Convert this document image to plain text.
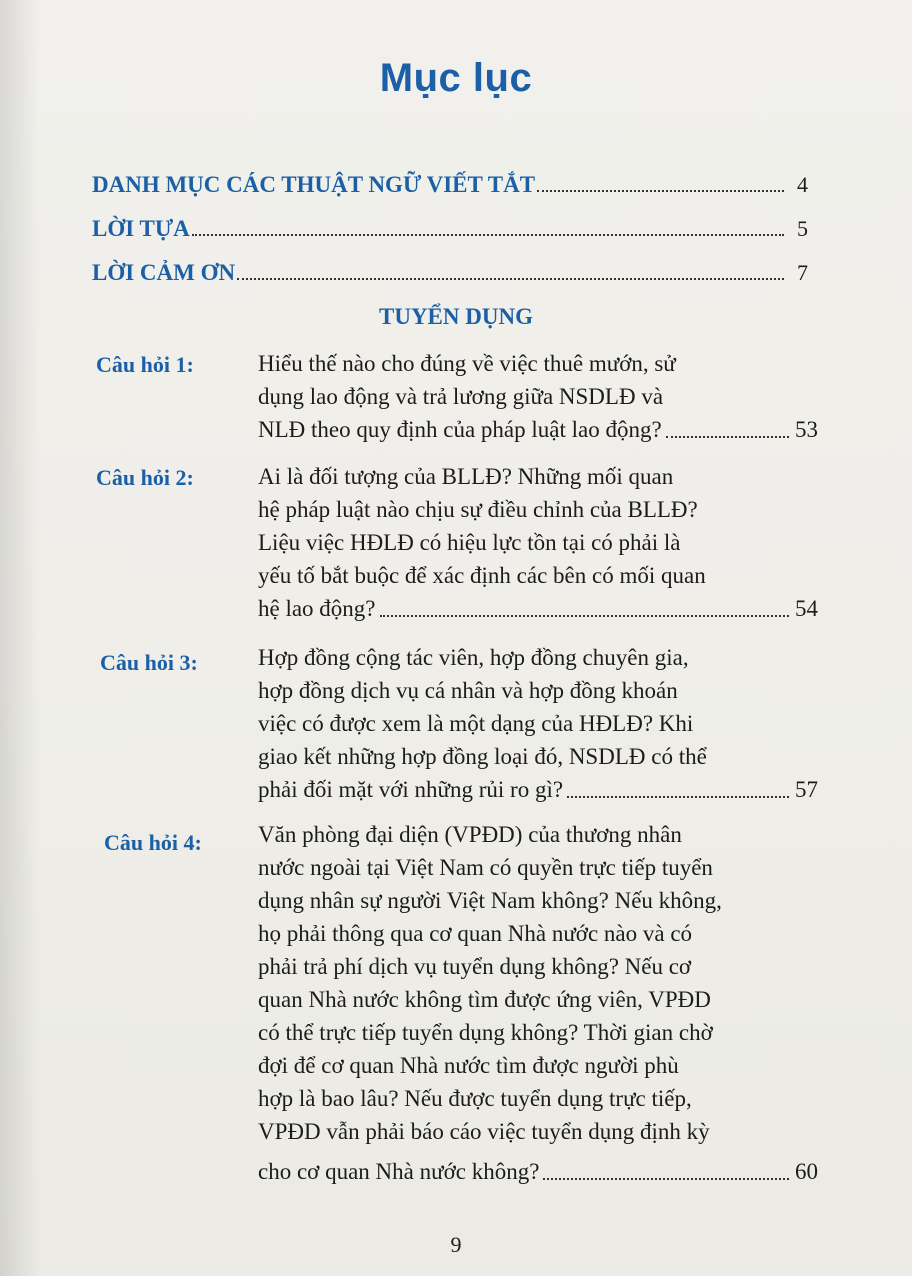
Mục lục
DANH MỤC CÁC THUẬT NGỮ VIẾT TẮT	4
LỜI TỰA	5
LỜI CẢM ƠN	7
TUYỂN DỤNG
Câu hỏi 1:	Hiểu thế nào cho đúng về việc thuê mướn, sử
dụng lao động và trả lương giữa NSDLĐ và
NLĐ theo quy định của pháp luật lao động?	53
Câu hỏi 2:	Ai là đối tượng của BLLĐ? Những mối quan
hệ pháp luật nào chịu sự điều chỉnh của BLLĐ?
Liệu việc HĐLĐ có hiệu lực tồn tại có phải là
yếu tố bắt buộc để xác định các bên có mối quan
hệ lao động?	54
Câu hỏi 3:	Hợp đồng cộng tác viên, hợp đồng chuyên gia,
hợp đồng dịch vụ cá nhân và hợp đồng khoán
việc có được xem là một dạng của HĐLĐ? Khi
giao kết những hợp đồng loại đó, NSDLĐ có thể
phải đối mặt với những rủi ro gì?	57
Câu hỏi 4: Văn phòng đại diện (VPĐD) của thương nhân
nước ngoài tại Việt Nam có quyền trực tiếp tuyển
dụng nhân sự người Việt Nam không? Nếu không,
họ phải thông qua cơ quan Nhà nước nào và có
phải trả phí dịch vụ tuyển dụng không? Nếu cơ
quan Nhà nước không tìm được ứng viên, VPĐD
có thể trực tiếp tuyển dụng không? Thời gian chờ
đợi để cơ quan Nhà nước tìm được người phù
hợp là bao lâu? Nếu được tuyển dụng trực tiếp,
VPĐD vẫn phải báo cáo việc tuyển dụng định kỳ
cho cơ quan Nhà nước không?	60
9
